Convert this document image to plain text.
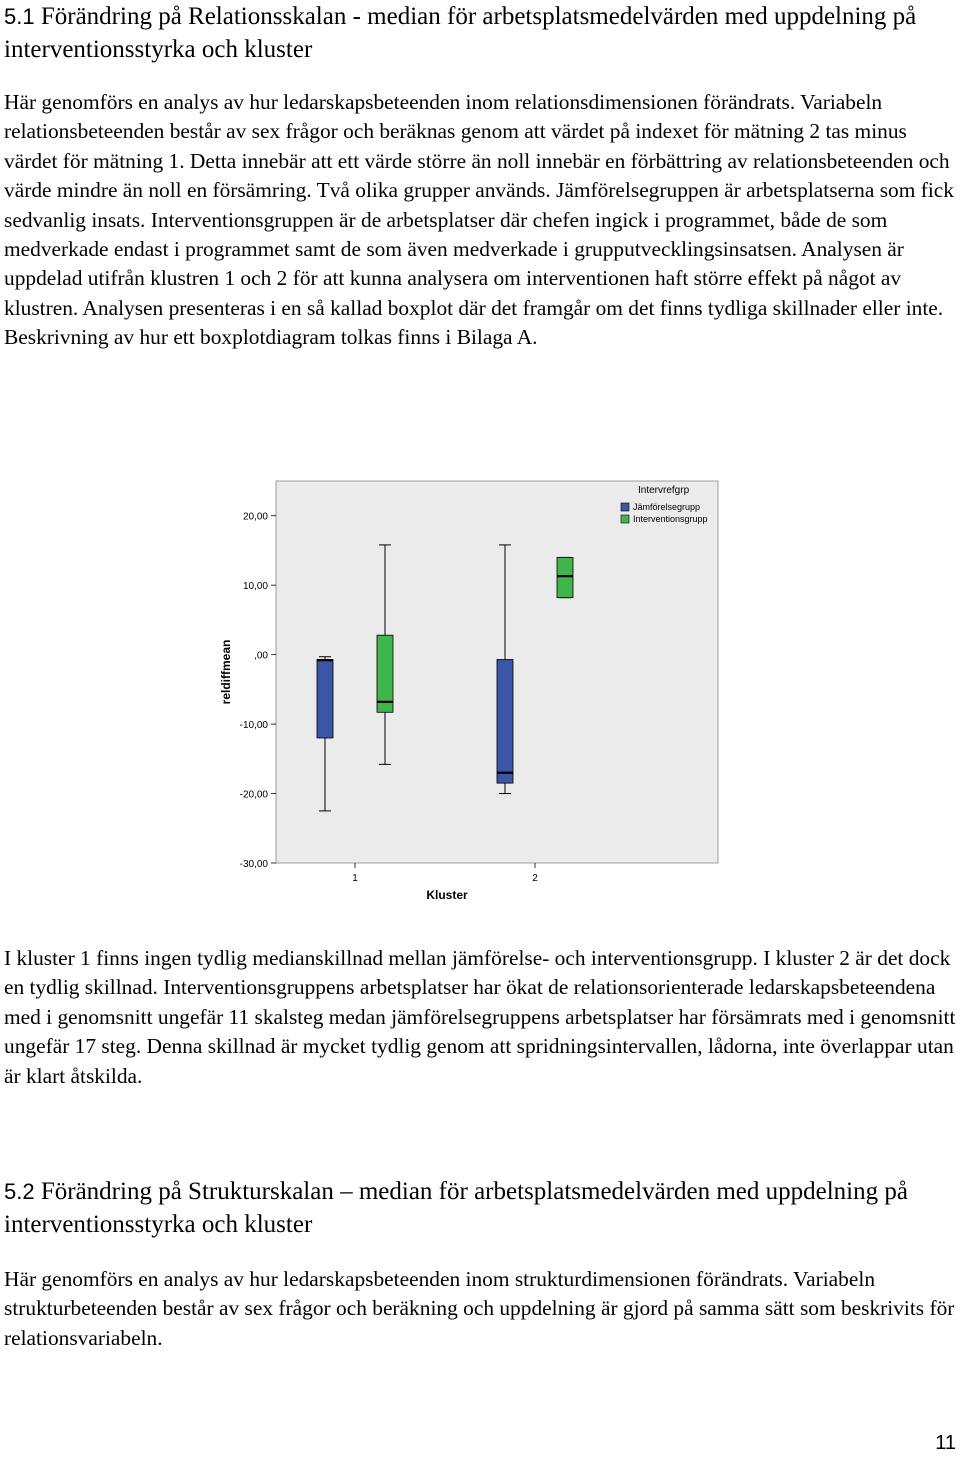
5.1 Förändring på Relationsskalan - median för arbetsplatsmedelvärden med uppdelning på interventionsstyrka och kluster

Här genomförs en analys av hur ledarskapsbeteenden inom relationsdimensionen förändrats. Variabeln relationsbeteenden består av sex frågor och beräknas genom att värdet på indexet för mätning 2 tas minus värdet för mätning 1. Detta innebär att ett värde större än noll innebär en förbättring av relationsbeteenden och värde mindre än noll en försämring. Två olika grupper används. Jämförelsegruppen är arbetsplatserna som fick sedvanlig insats. Interventionsgruppen är de arbetsplatser där chefen ingick i programmet, både de som medverkade endast i programmet samt de som även medverkade i grupputvecklingsinsatsen. Analysen är uppdelad utifrån klustren 1 och 2 för att kunna analysera om interventionen haft större effekt på något av klustren. Analysen presenteras i en så kallad boxplot där det framgår om det finns tydliga skillnader eller inte. Beskrivning av hur ett boxplotdiagram tolkas finns i Bilaga A.

20,00
10,00
,00
-10,00
-20,00
-30,00
1	2
reldiffmean
Kluster
Intervrefgrp
Jämförelsegrupp
Interventionsgrupp

I kluster 1 finns ingen tydlig medianskillnad mellan jämförelse- och interventionsgrupp. I kluster 2 är det dock en tydlig skillnad. Interventionsgruppens arbetsplatser har ökat de relationsorienterade ledarskapsbeteendena med i genomsnitt ungefär 11 skalsteg medan jämförelsegruppens arbetsplatser har försämrats med i genomsnitt ungefär 17 steg. Denna skillnad är mycket tydlig genom att spridningsintervallen, lådorna, inte överlappar utan är klart åtskilda.

5.2 Förändring på Strukturskalan – median för arbetsplatsmedelvärden med uppdelning på interventionsstyrka och kluster

Här genomförs en analys av hur ledarskapsbeteenden inom strukturdimensionen förändrats. Variabeln strukturbeteenden består av sex frågor och beräkning och uppdelning är gjord på samma sätt som beskrivits för relationsvariabeln.

11
